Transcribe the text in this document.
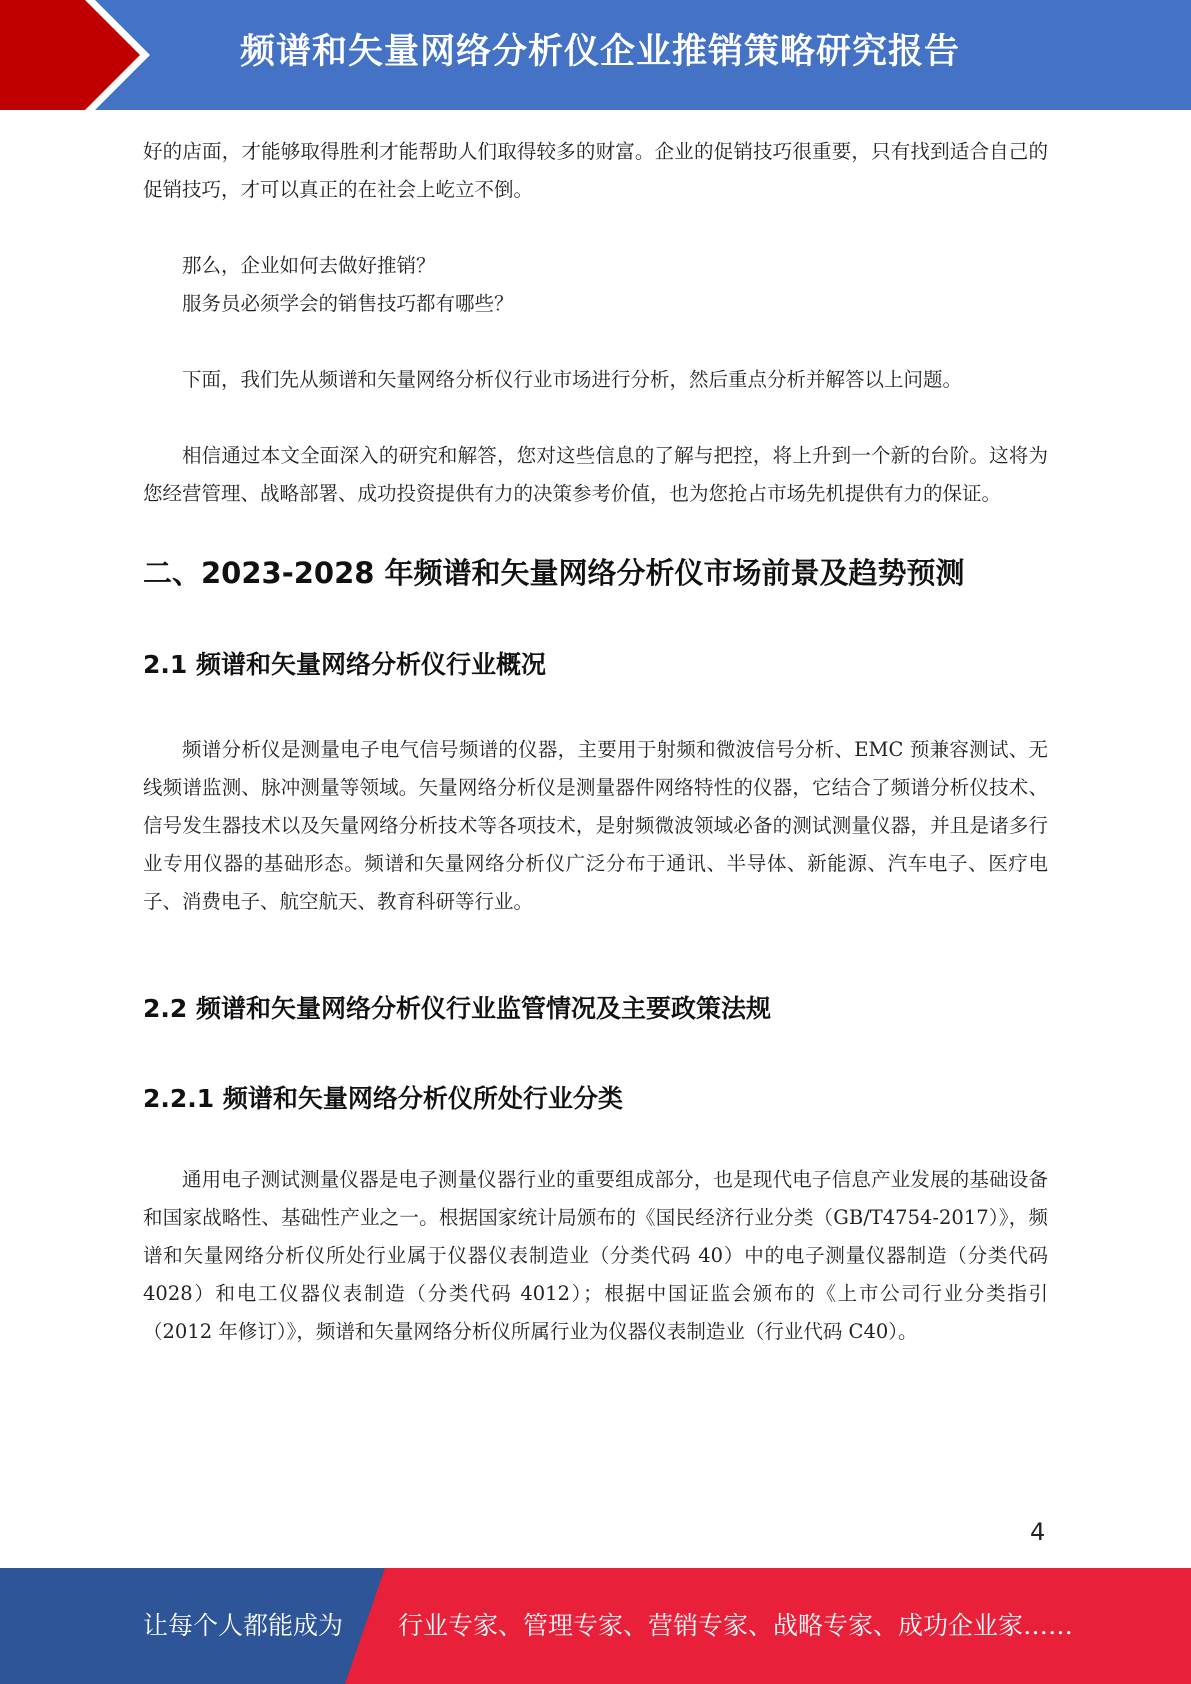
频谱和矢量网络分析仪企业推销策略研究报告

好的店面，才能够取得胜利才能帮助人们取得较多的财富。企业的促销技巧很重要，只有找到适合自己的促销技巧，才可以真正的在社会上屹立不倒。

那么，企业如何去做好推销？

服务员必须学会的销售技巧都有哪些？

下面，我们先从频谱和矢量网络分析仪行业市场进行分析，然后重点分析并解答以上问题。

相信通过本文全面深入的研究和解答，您对这些信息的了解与把控，将上升到一个新的台阶。这将为您经营管理、战略部署、成功投资提供有力的决策参考价值，也为您抢占市场先机提供有力的保证。

二、2023-2028 年频谱和矢量网络分析仪市场前景及趋势预测
2.1 频谱和矢量网络分析仪行业概况

频谱分析仪是测量电子电气信号频谱的仪器，主要用于射频和微波信号分析、EMC 预兼容测试、无线频谱监测、脉冲测量等领域。矢量网络分析仪是测量器件网络特性的仪器，它结合了频谱分析仪技术、信号发生器技术以及矢量网络分析技术等各项技术，是射频微波领域必备的测试测量仪器，并且是诸多行业专用仪器的基础形态。频谱和矢量网络分析仪广泛分布于通讯、半导体、新能源、汽车电子、医疗电子、消费电子、航空航天、教育科研等行业。

2.2 频谱和矢量网络分析仪行业监管情况及主要政策法规
2.2.1 频谱和矢量网络分析仪所处行业分类

通用电子测试测量仪器是电子测量仪器行业的重要组成部分，也是现代电子信息产业发展的基础设备和国家战略性、基础性产业之一。根据国家统计局颁布的《国民经济行业分类（GB/T4754-2017）》，频谱和矢量网络分析仪所处行业属于仪器仪表制造业（分类代码 40）中的电子测量仪器制造（分类代码 4028）和电工仪器仪表制造（分类代码 4012）；根据中国证监会颁布的《上市公司行业分类指引（2012 年修订）》，频谱和矢量网络分析仪所属行业为仪器仪表制造业（行业代码 C40）。

4
让每个人都能成为 行业专家、管理专家、营销专家、战略专家、成功企业家……
